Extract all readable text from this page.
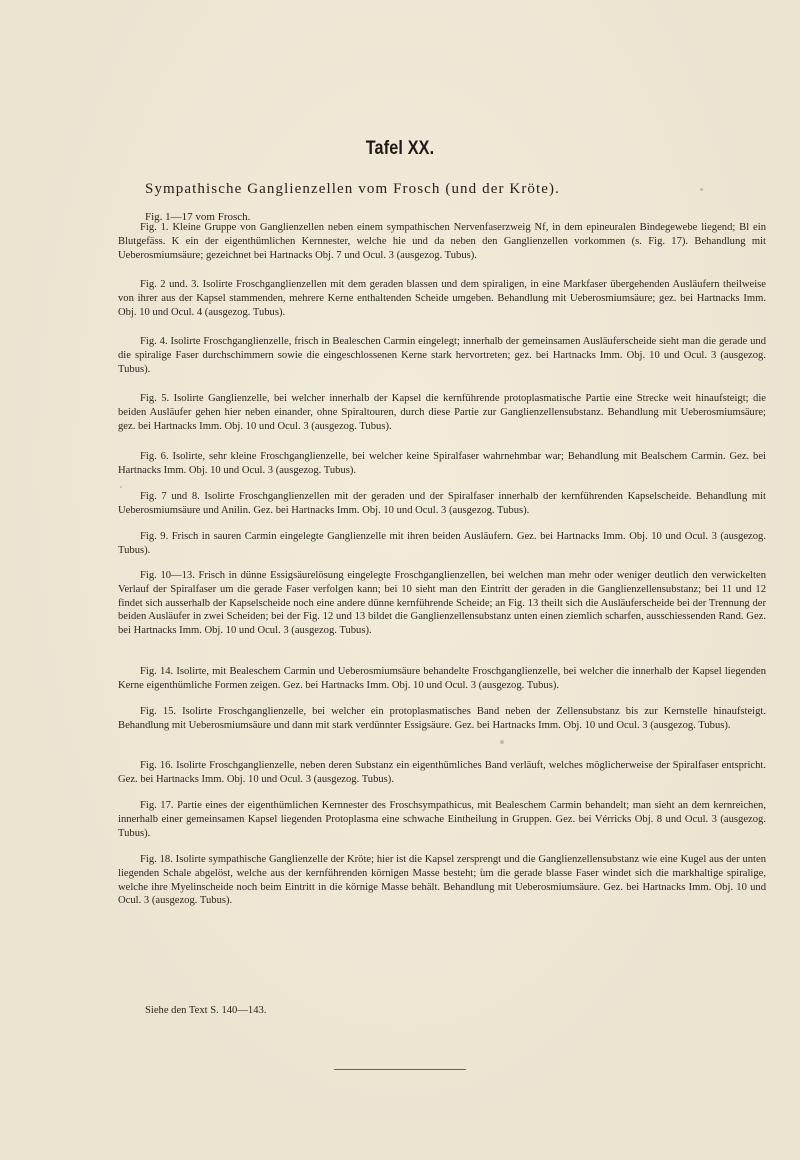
Tafel XX.
Sympathische Ganglienzellen vom Frosch (und der Kröte).
Fig. 1—17 vom Frosch.

Fig. 1. Kleine Gruppe von Ganglienzellen neben einem sympathischen Nervenfaserzweig Nf, in dem epineuralen Bindegewebe liegend; Bl ein Blutgefäss. K ein der eigenthümlichen Kernnester, welche hie und da neben den Ganglienzellen vorkommen (s. Fig. 17). Behandlung mit Ueberosmiumsäure; gezeichnet bei Hartnacks Obj. 7 und Ocul. 3 (ausgezog. Tubus).

Fig. 2 und. 3. Isolirte Froschganglienzellen mit dem geraden blassen und dem spiraligen, in eine Markfaser übergehenden Ausläufern theilweise von ihrer aus der Kapsel stammenden, mehrere Kerne enthaltenden Scheide umgeben. Behandlung mit Ueberosmiumsäure; gez. bei Hartnacks Imm. Obj. 10 und Ocul. 4 (ausgezog. Tubus).

Fig. 4. Isolirte Froschganglienzelle, frisch in Bealeschen Carmin eingelegt; innerhalb der gemeinsamen Ausläuferscheide sieht man die gerade und die spiralige Faser durchschimmern sowie die eingeschlossenen Kerne stark hervortreten; gez. bei Hartnacks Imm. Obj. 10 und Ocul. 3 (ausgezog. Tubus).

Fig. 5. Isolirte Ganglienzelle, bei welcher innerhalb der Kapsel die kernführende protoplasmatische Partie eine Strecke weit hinaufsteigt; die beiden Ausläufer gehen hier neben einander, ohne Spiraltouren, durch diese Partie zur Ganglienzellensubstanz. Behandlung mit Ueberosmiumsäure; gez. bei Hartnacks Imm. Obj. 10 und Ocul. 3 (ausgezog. Tubus).

Fig. 6. Isolirte, sehr kleine Froschganglienzelle, bei welcher keine Spiralfaser wahrnehmbar war; Behandlung mit Bealschem Carmin. Gez. bei Hartnacks Imm. Obj. 10 und Ocul. 3 (ausgezog. Tubus).

Fig. 7 und 8. Isolirte Froschganglienzellen mit der geraden und der Spiralfaser innerhalb der kernführenden Kapselscheide. Behandlung mit Ueberosmiumsäure und Anilin. Gez. bei Hartnacks Imm. Obj. 10 und Ocul. 3 (ausgezog. Tubus).

Fig. 9. Frisch in sauren Carmin eingelegte Ganglienzelle mit ihren beiden Ausläufern. Gez. bei Hartnacks Imm. Obj. 10 und Ocul. 3 (ausgezog. Tubus).

Fig. 10—13. Frisch in dünne Essigsäurelösung eingelegte Froschganglienzellen, bei welchen man mehr oder weniger deutlich den verwickelten Verlauf der Spiralfaser um die gerade Faser verfolgen kann; bei 10 sieht man den Eintritt der geraden in die Ganglienzellensubstanz; bei 11 und 12 findet sich ausserhalb der Kapselscheide noch eine andere dünne kernführende Scheide; an Fig. 13 theilt sich die Ausläuferscheide bei der Trennung der beiden Ausläufer in zwei Scheiden; bei der Fig. 12 und 13 bildet die Ganglienzellensubstanz unten einen ziemlich scharfen, ausschiessenden Rand. Gez. bei Hartnacks Imm. Obj. 10 und Ocul. 3 (ausgezog. Tubus).

Fig. 14. Isolirte, mit Bealeschem Carmin und Ueberosmiumsäure behandelte Froschganglienzelle, bei welcher die innerhalb der Kapsel liegenden Kerne eigenthümliche Formen zeigen. Gez. bei Hartnacks Imm. Obj. 10 und Ocul. 3 (ausgezog. Tubus).

Fig. 15. Isolirte Froschganglienzelle, bei welcher ein protoplasmatisches Band neben der Zellensubstanz bis zur Kernstelle hinaufsteigt. Behandlung mit Ueberosmiumsäure und dann mit stark verdünnter Essigsäure. Gez. bei Hartnacks Imm. Obj. 10 und Ocul. 3 (ausgezog. Tubus).

Fig. 16. Isolirte Froschganglienzelle, neben deren Substanz ein eigenthümliches Band verläuft, welches möglicherweise der Spiralfaser entspricht. Gez. bei Hartnacks Imm. Obj. 10 und Ocul. 3 (ausgezog. Tubus).

Fig. 17. Partie eines der eigenthümlichen Kernnester des Froschsympathicus, mit Bealeschem Carmin behandelt; man sieht an dem kernreichen, innerhalb einer gemeinsamen Kapsel liegenden Protoplasma eine schwache Eintheilung in Gruppen. Gez. bei Vérricks Obj. 8 und Ocul. 3 (ausgezog. Tubus).

Fig. 18. Isolirte sympathische Ganglienzelle der Kröte; hier ist die Kapsel zersprengt und die Ganglienzellensubstanz wie eine Kugel aus der unten liegenden Schale abgelöst, welche aus der kernführenden körnigen Masse besteht; um die gerade blasse Faser windet sich die markhaltige spiralige, welche ihre Myelinscheide noch beim Eintritt in die körnige Masse behält. Behandlung mit Ueberosmiumsäure. Gez. bei Hartnacks Imm. Obj. 10 und Ocul. 3 (ausgezog. Tubus).

Siehe den Text S. 140—143.
